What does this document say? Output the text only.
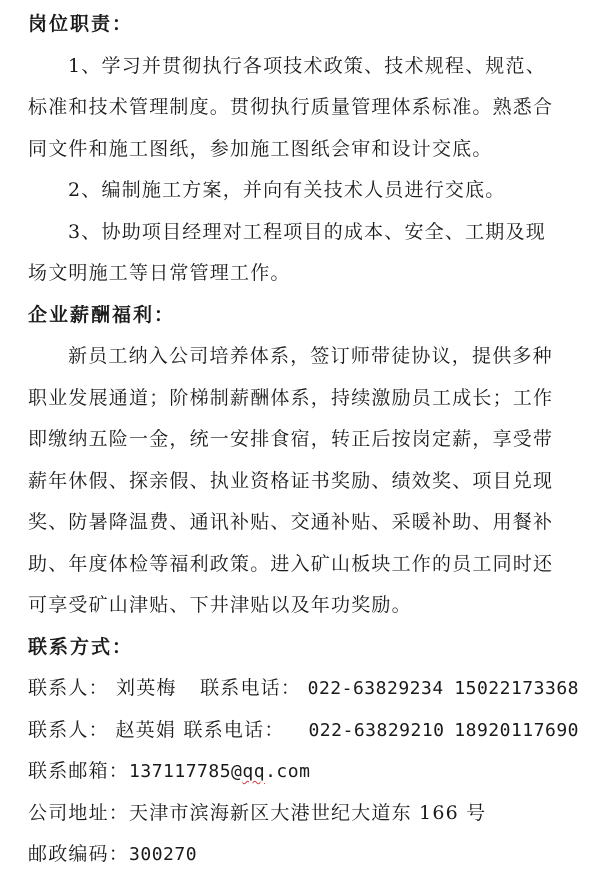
岗位职责：
1、学习并贯彻执行各项技术政策、技术规程、规范、
标准和技术管理制度。贯彻执行质量管理体系标准。熟悉合
同文件和施工图纸，参加施工图纸会审和设计交底。
2、编制施工方案，并向有关技术人员进行交底。
3、协助项目经理对工程项目的成本、安全、工期及现
场文明施工等日常管理工作。
企业薪酬福利：
新员工纳入公司培养体系，签订师带徒协议，提供多种
职业发展通道；阶梯制薪酬体系，持续激励员工成长；工作
即缴纳五险一金，统一安排食宿，转正后按岗定薪，享受带
薪年休假、探亲假、执业资格证书奖励、绩效奖、项目兑现
奖、防暑降温费、通讯补贴、交通补贴、采暖补助、用餐补
助、年度体检等福利政策。进入矿山板块工作的员工同时还
可享受矿山津贴、下井津贴以及年功奖励。
联系方式：
联系人： 刘英梅	联系电话： 022-63829234 15022173368
联系人： 赵英娟 联系电话：	022-63829210 18920117690
联系邮箱：137117785@qq.com
公司地址：天津市滨海新区大港世纪大道东 166 号
邮政编码：300270
